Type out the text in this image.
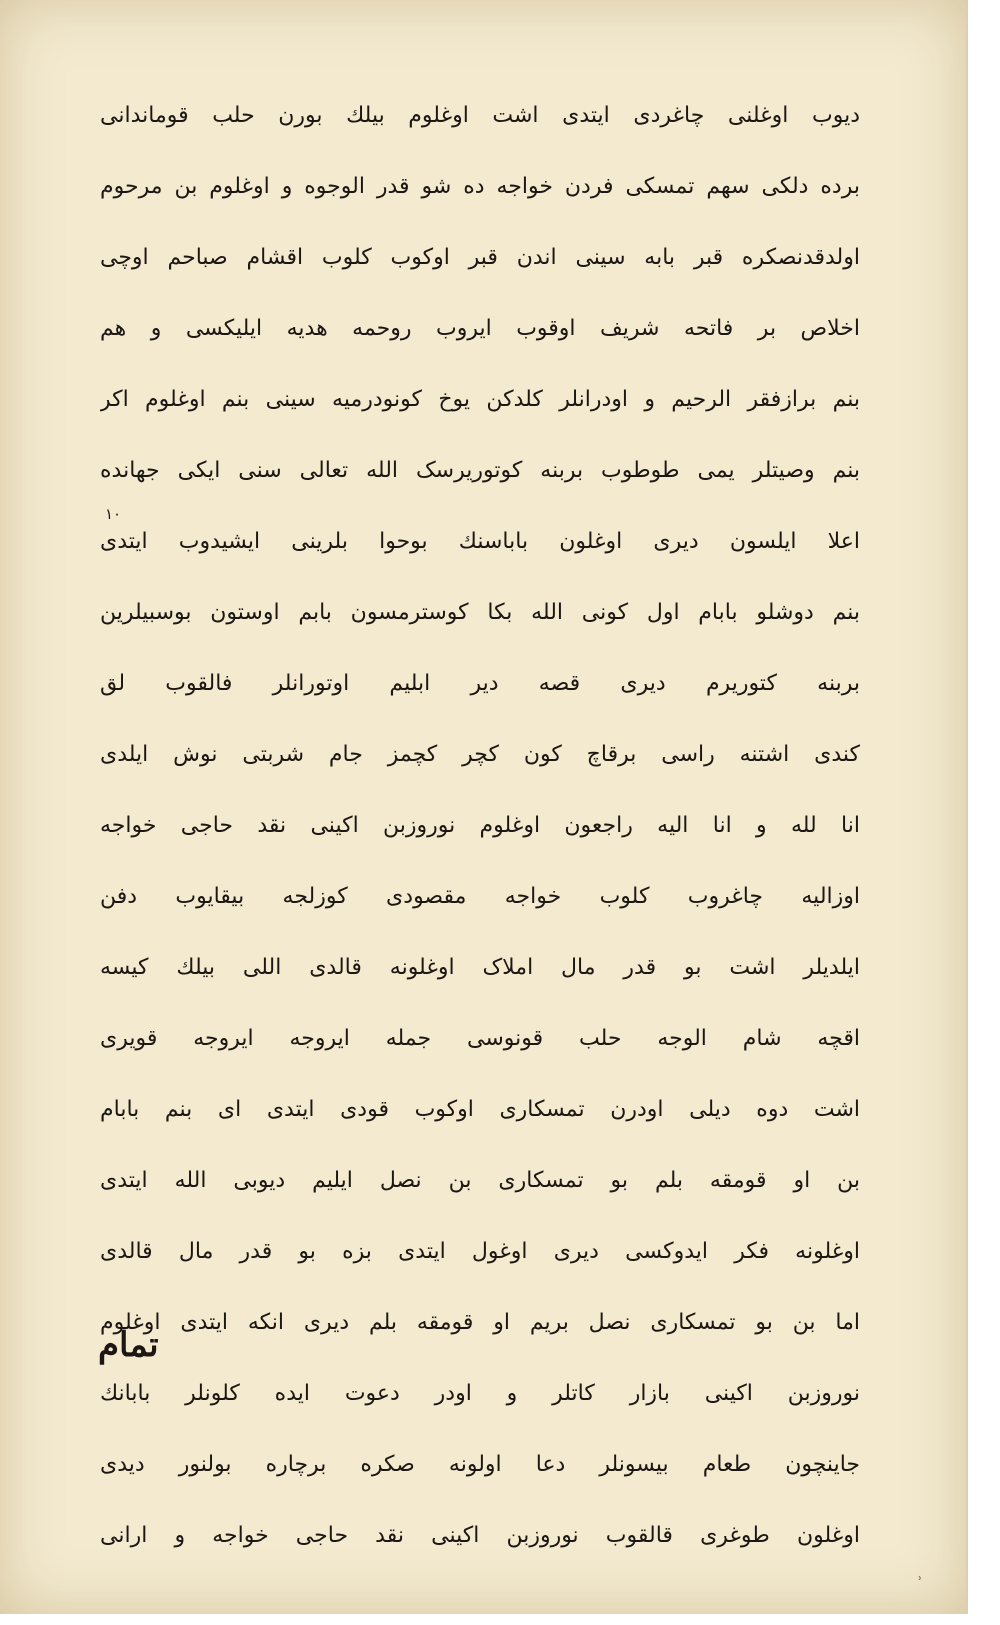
دیوب اوغلنی چاغردی ایتدی اشت اوغلوم بیلك بورن حلب قوماندانی
برده دلکی سهم تمسکی فردن خواجه ده شو قدر الوجوه و اوغلوم بن مرحوم
اولدقدنصکره قبر بابه سینی اندن قبر اوکوب کلوب اقشام صباحم اوچی
اخلاص بر فاتحه شریف اوقوب ایروب روحمه هدیه ایلیکسی و هم
بنم برازفقر الرحیم و اودرانلر کلدکن یوخ کونودرمیه سینی بنم اوغلوم اکر
بنم وصیتلر یمی طوطوب بربنه کوتوریرسک الله تعالی سنی ایکی جهانده
اعلا ایلسون دیری اوغلون باباسنك بوحوا بلرینی ایشیدوب ایتدی
بنم دوشلو بابام اول کونی الله بکا کوسترمسون بابم اوستون بوسبیلرین
بربنه کتوریرم دیری قصه دیر ابلیم اوتورانلر فالقوب لق
کندی اشتنه راسی برقاچ کون کچر کچمز جام شربتی نوش ایلدی
انا لله و انا الیه راجعون اوغلوم نوروزبن اکینی نقد حاجی خواجه
اوزالیه چاغروب کلوب خواجه مقصودی کوزلجه بیقایوب دفن
ایلدیلر اشت بو قدر مال املاک اوغلونه قالدی اللی بیلك کیسه
اقچه شام الوجه حلب قونوسی جمله ایروجه ایروجه قویری
اشت دوه دیلی اودرن تمسکاری اوکوب قودی ایتدی ای بنم بابام
بن او قومقه بلم بو تمسکاری بن نصل ایلیم دیوبی الله ایتدی
اوغلونه فکر ایدوکسی دیری اوغول ایتدی بزه بو قدر مال قالدی
اما بن بو تمسکاری نصل بریم او قومقه بلم دیری انکه ایتدی اوغلوم
نوروزبن اکینی بازار کاتلر و اودر دعوت ایده کلونلر بابانك
جاینچون طعام بیسونلر دعا اولونه صکره برچاره بولنور دیدی
اوغلون طوغری قالقوب نوروزبن اکینی نقد حاجی خواجه و ارانی
۱۰
تمام
ʾ
